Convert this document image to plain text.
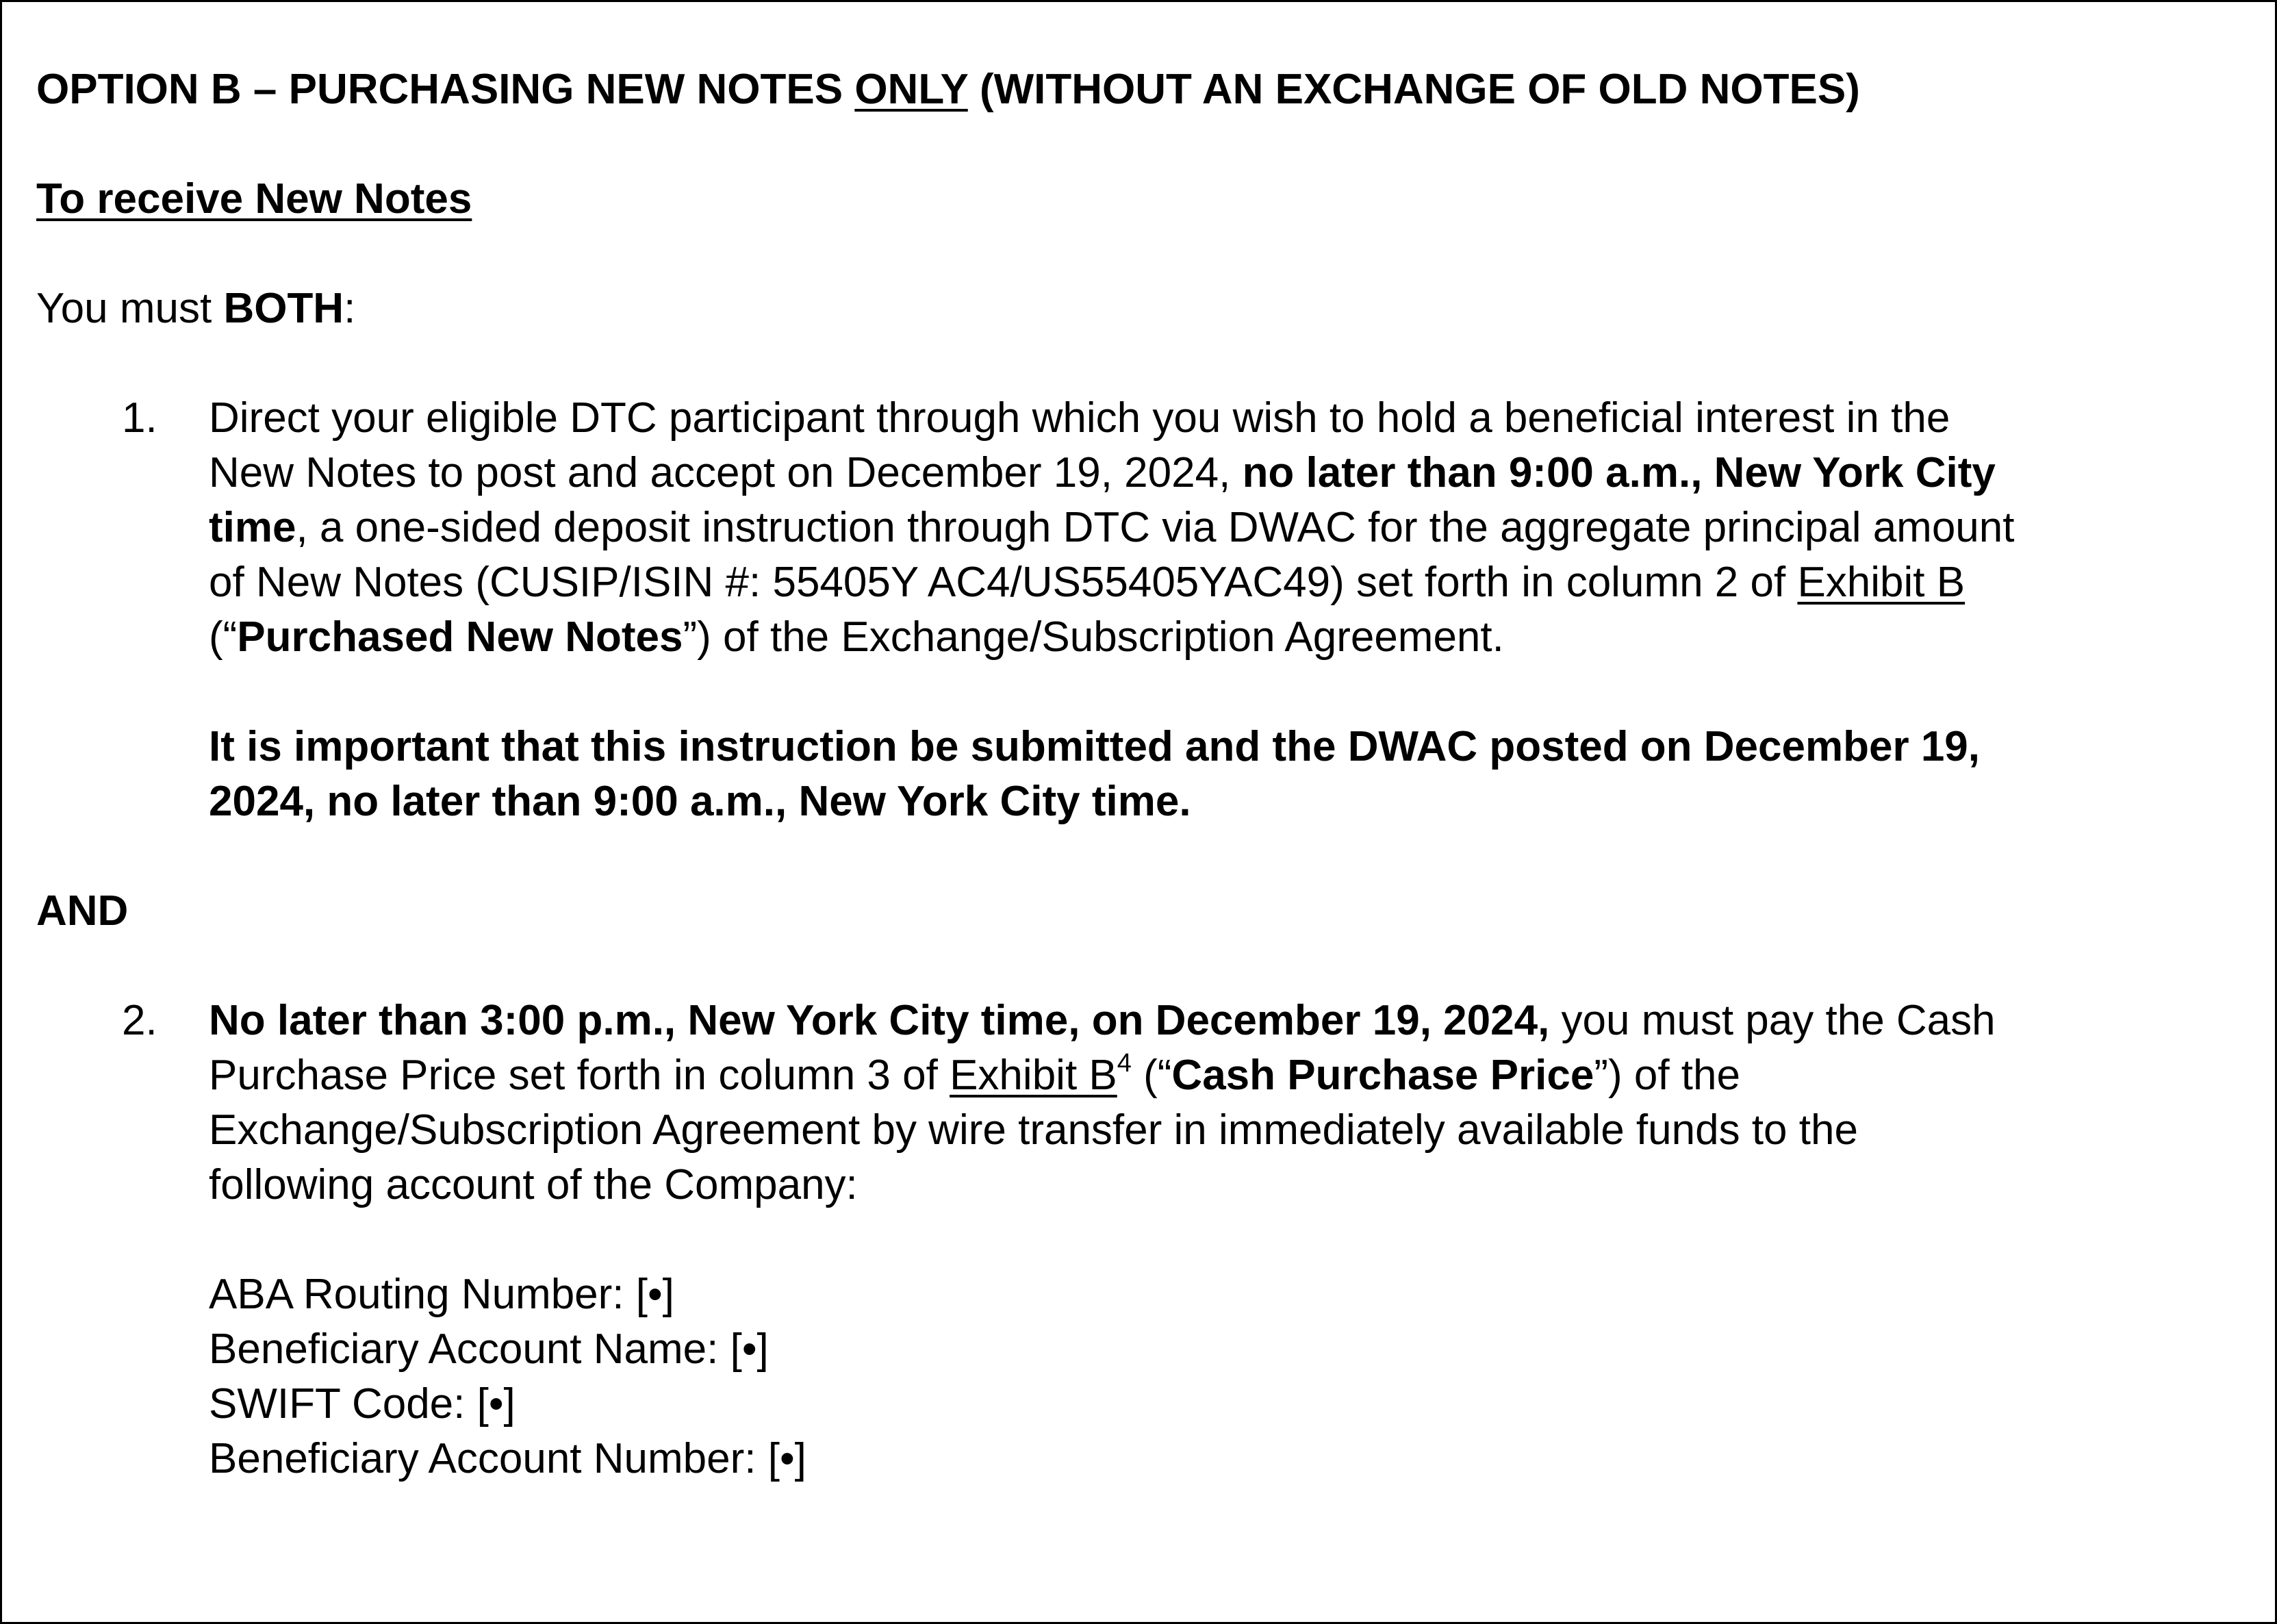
OPTION B – PURCHASING NEW NOTES ONLY (WITHOUT AN EXCHANGE OF OLD NOTES)
To receive New Notes
You must BOTH:
1. Direct your eligible DTC participant through which you wish to hold a beneficial interest in the
New Notes to post and accept on December 19, 2024, no later than 9:00 a.m., New York City
time, a one-sided deposit instruction through DTC via DWAC for the aggregate principal amount
of New Notes (CUSIP/ISIN #: 55405Y AC4/US55405YAC49) set forth in column 2 of Exhibit B
(“Purchased New Notes”) of the Exchange/Subscription Agreement.
It is important that this instruction be submitted and the DWAC posted on December 19,
2024, no later than 9:00 a.m., New York City time.
AND
2. No later than 3:00 p.m., New York City time, on December 19, 2024, you must pay the Cash
Purchase Price set forth in column 3 of Exhibit $B^4$ (“Cash Purchase Price”) of the
Exchange/Subscription Agreement by wire transfer in immediately available funds to the
following account of the Company:
ABA Routing Number: [•]
Beneficiary Account Name: [•]
SWIFT Code: [•]
Beneficiary Account Number: [•]
